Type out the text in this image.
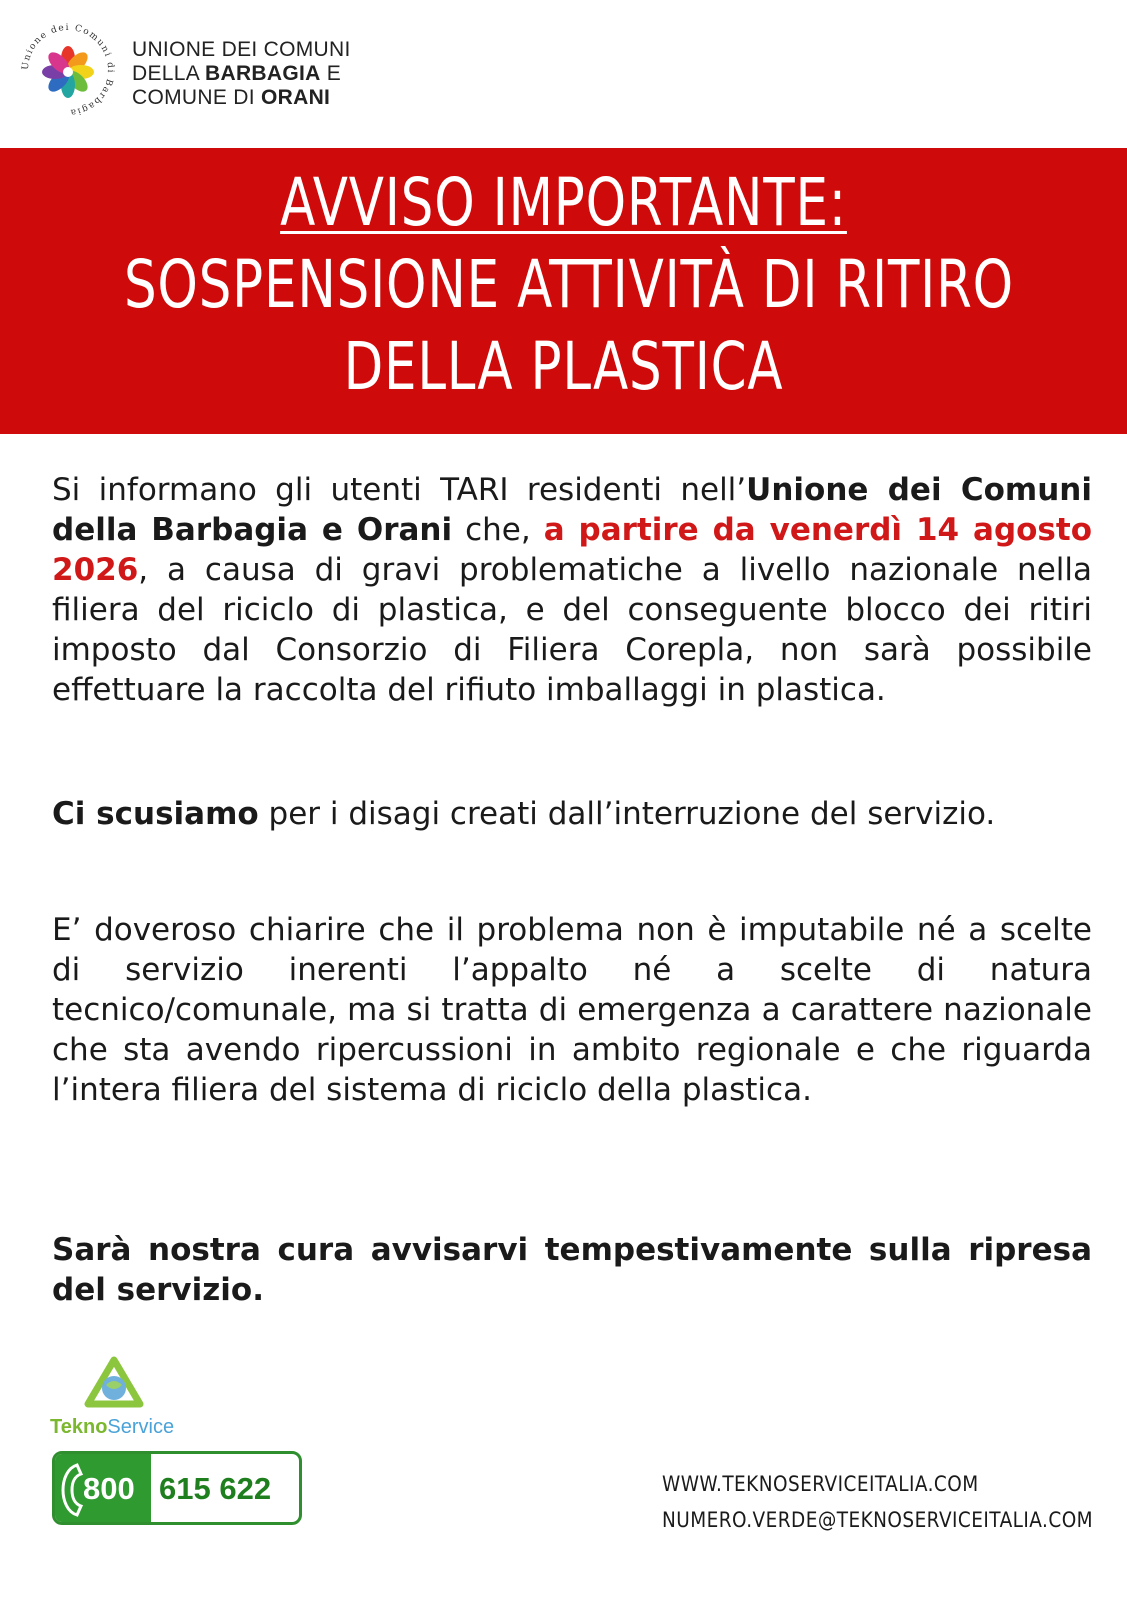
Unione dei Comuni di Barbagia
UNIONE DEI COMUNI
DELLA BARBAGIA E
COMUNE DI ORANI
AVVISO IMPORTANTE:
SOSPENSIONE ATTIVITÀ DI RITIRO
DELLA PLASTICA
Si informano gli utenti TARI residenti nell’Unione dei Comuni della Barbagia e Orani che, a partire da venerdì 14 agosto 2026, a causa di gravi problematiche a livello nazionale nella filiera del riciclo di plastica, e del conseguente blocco dei ritiri imposto dal Consorzio di Filiera Corepla, non sarà possibile effettuare la raccolta del rifiuto imballaggi in plastica.
Ci scusiamo per i disagi creati dall’interruzione del servizio.
E’ doveroso chiarire che il problema non è imputabile né a scelte di servizio inerenti l’appalto né a scelte di natura tecnico/comunale, ma si tratta di emergenza a carattere nazionale che sta avendo ripercussioni in ambito regionale e che riguarda l’intera filiera del sistema di riciclo della plastica.
Sarà nostra cura avvisarvi tempestivamente sulla ripresa del servizio.
TeknoService
800 615 622	WWW.TEKNOSERVICEITALIA.COM
NUMERO.VERDE@TEKNOSERVICEITALIA.COM
